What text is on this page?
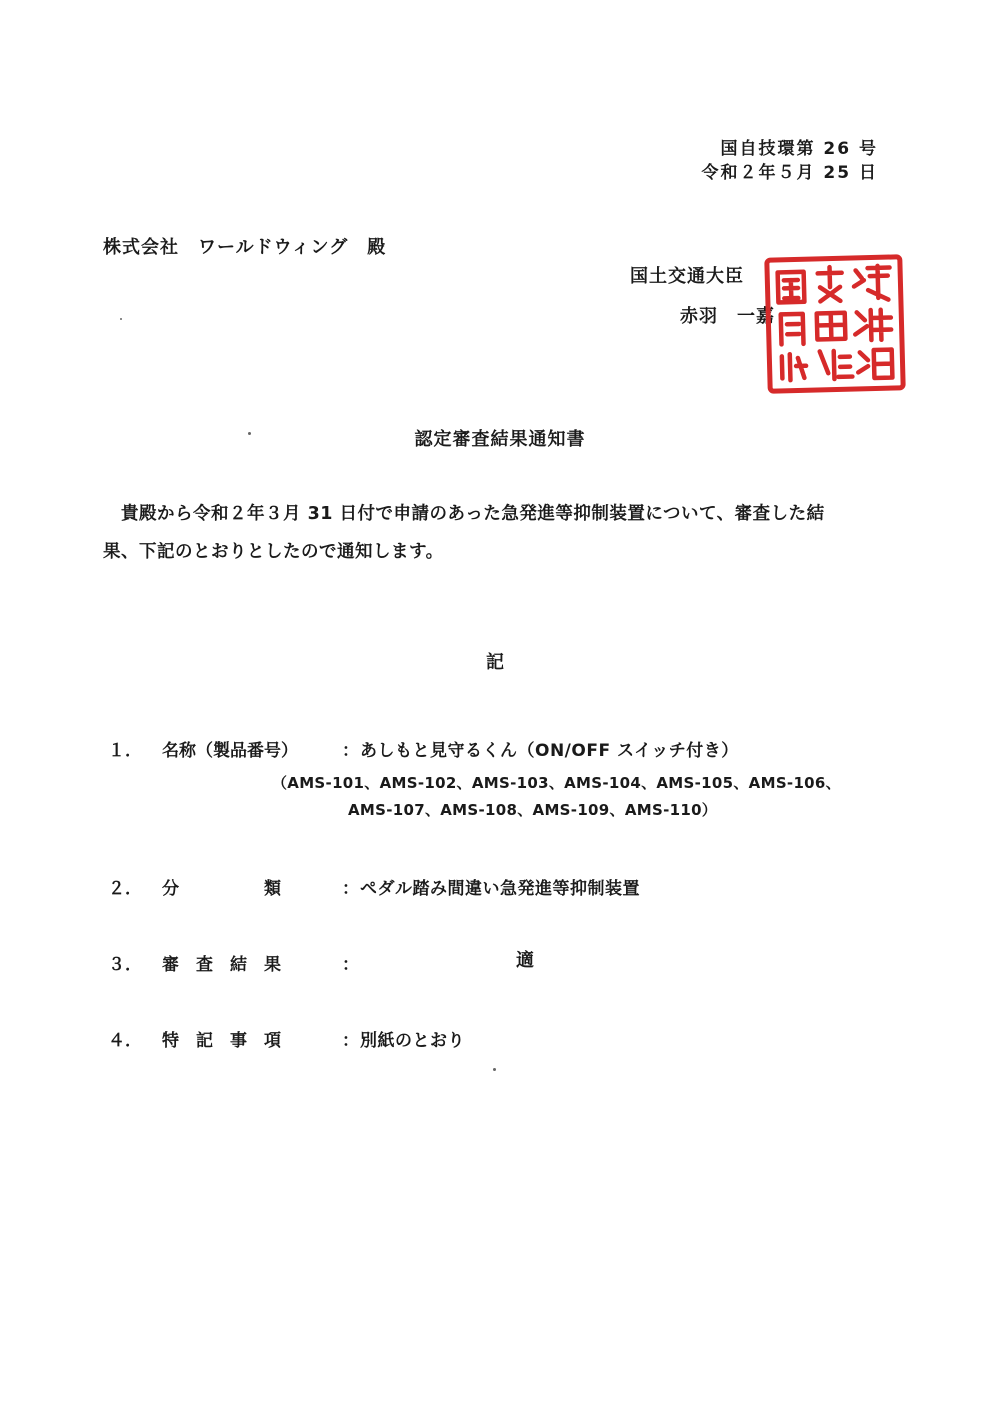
国自技環第 26 号
令和２年５月 25 日
株式会社　ワールドウィング　殿
国土交通大臣
赤羽　一嘉
認定審査結果通知書

貴殿から令和２年３月 31 日付で申請のあった急発進等抑制装置について、審査した結

果、下記のとおりとしたので通知します。

記
１． 名称（製品番号）	： あしもと見守るくん（ON/OFF スイッチ付き）
（AMS-101、AMS-102、AMS-103、AMS-104、AMS-105、AMS-106、
AMS-107、AMS-108、AMS-109、AMS-110）
２． 分　　　　　類	： ペダル踏み間違い急発進等抑制装置
３． 審　査　結　果	：	適
４． 特　記　事　項	： 別紙のとおり
